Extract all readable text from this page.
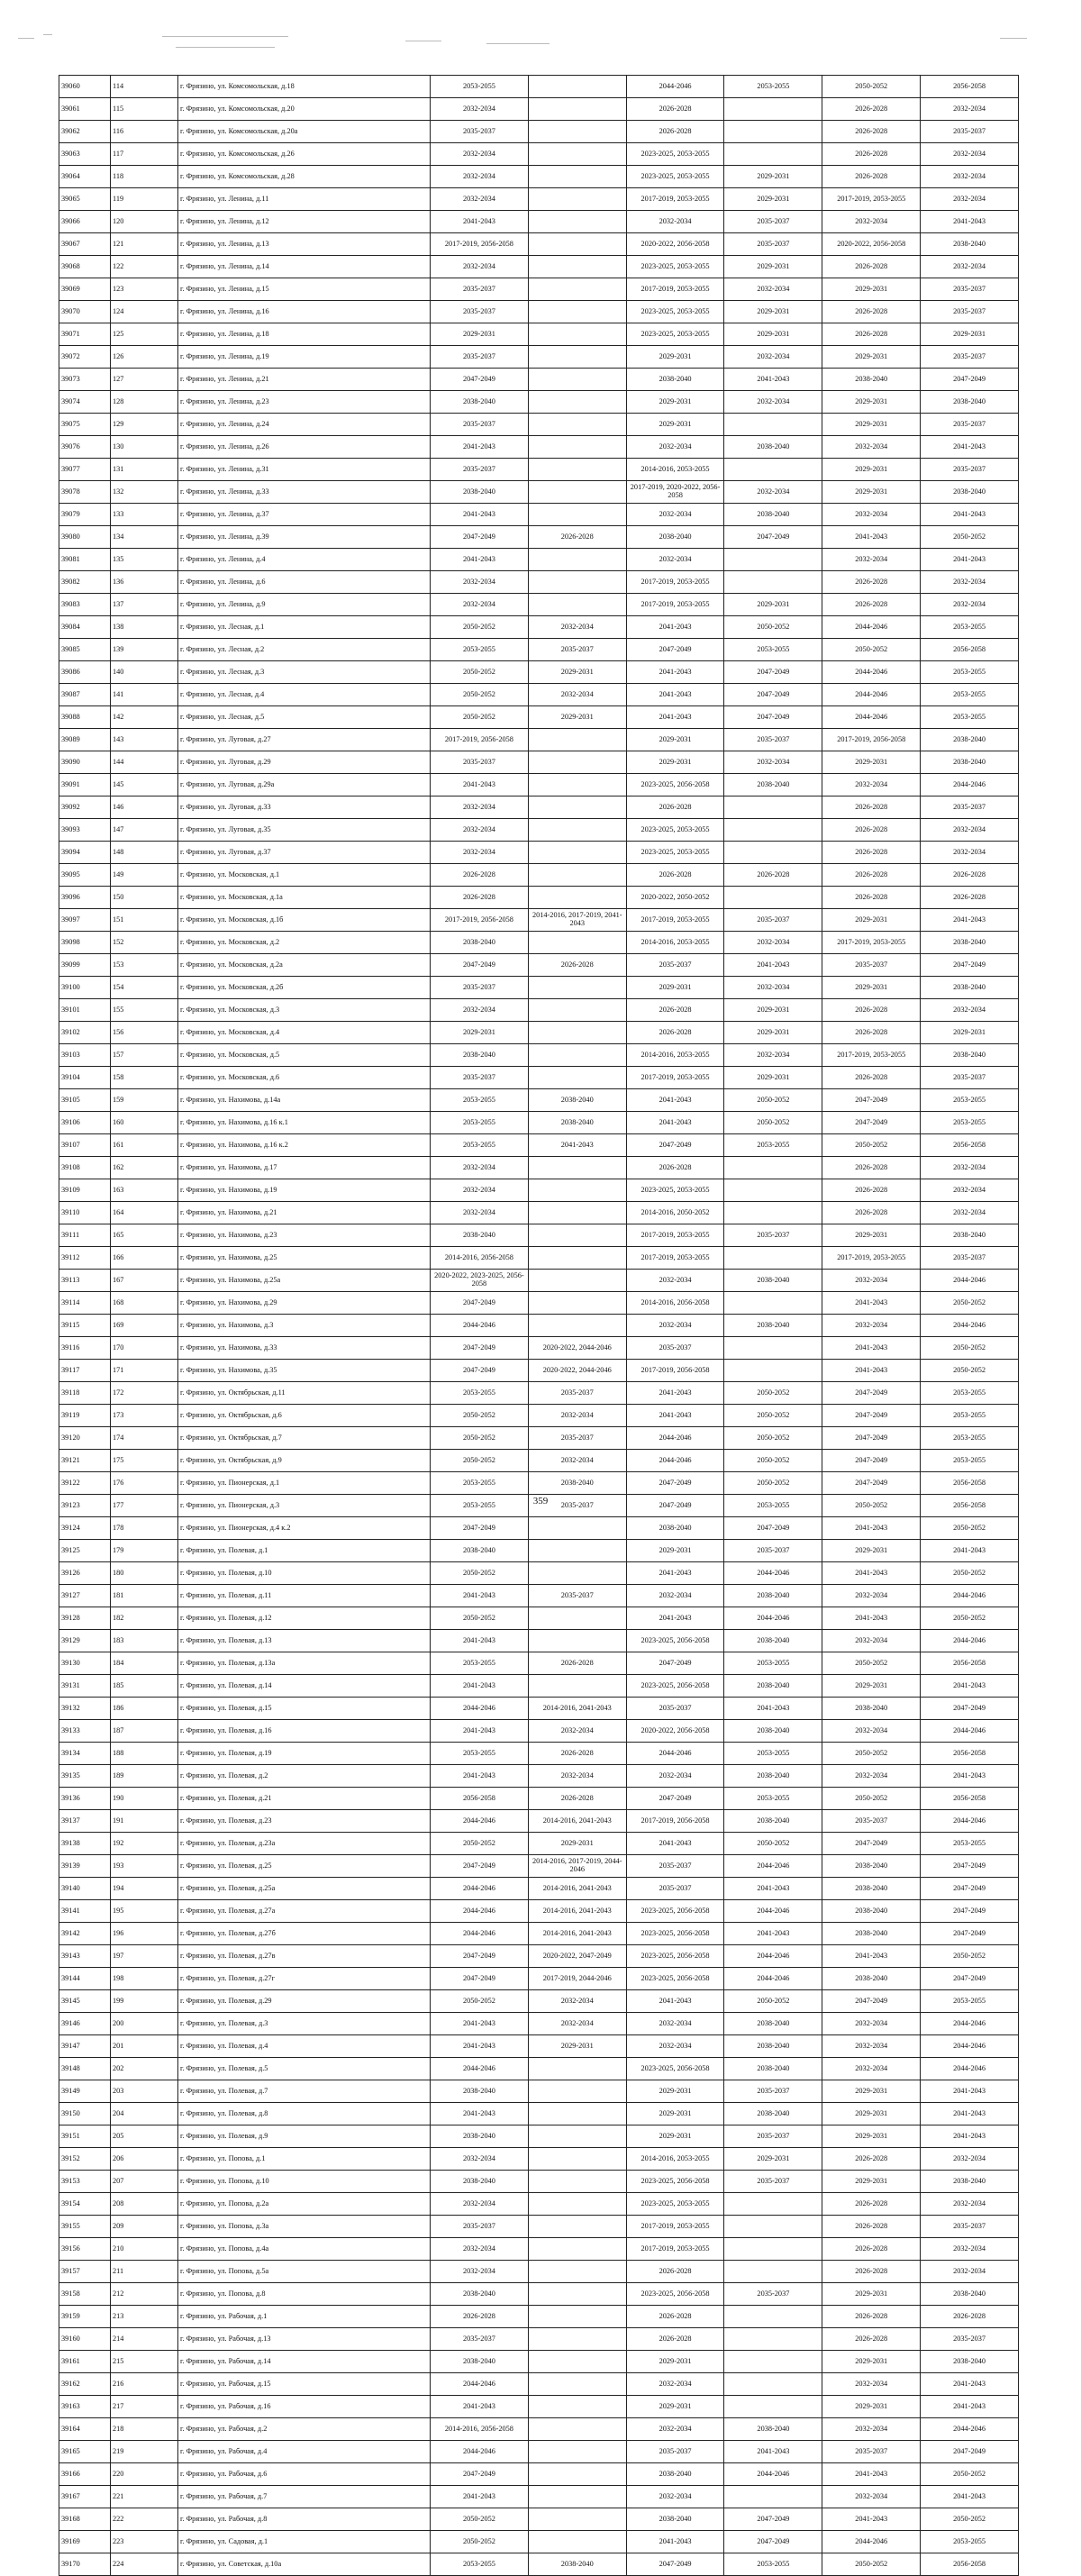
39060	114	г. Фрязино, ул. Комсомольская, д.18	2053-2055		2044-2046	2053-2055	2050-2052	2056-2058
39061	115	г. Фрязино, ул. Комсомольская, д.20	2032-2034		2026-2028		2026-2028	2032-2034
39062	116	г. Фрязино, ул. Комсомольская, д.20а	2035-2037		2026-2028		2026-2028	2035-2037
39063	117	г. Фрязино, ул. Комсомольская, д.26	2032-2034		2023-2025, 2053-2055		2026-2028	2032-2034
39064	118	г. Фрязино, ул. Комсомольская, д.28	2032-2034		2023-2025, 2053-2055	2029-2031	2026-2028	2032-2034
39065	119	г. Фрязино, ул. Ленина, д.11	2032-2034		2017-2019, 2053-2055	2029-2031	2017-2019, 2053-2055	2032-2034
39066	120	г. Фрязино, ул. Ленина, д.12	2041-2043		2032-2034	2035-2037	2032-2034	2041-2043
39067	121	г. Фрязино, ул. Ленина, д.13	2017-2019, 2056-2058		2020-2022, 2056-2058	2035-2037	2020-2022, 2056-2058	2038-2040
39068	122	г. Фрязино, ул. Ленина, д.14	2032-2034		2023-2025, 2053-2055	2029-2031	2026-2028	2032-2034
39069	123	г. Фрязино, ул. Ленина, д.15	2035-2037		2017-2019, 2053-2055	2032-2034	2029-2031	2035-2037
39070	124	г. Фрязино, ул. Ленина, д.16	2035-2037		2023-2025, 2053-2055	2029-2031	2026-2028	2035-2037
39071	125	г. Фрязино, ул. Ленина, д.18	2029-2031		2023-2025, 2053-2055	2029-2031	2026-2028	2029-2031
39072	126	г. Фрязино, ул. Ленина, д.19	2035-2037		2029-2031	2032-2034	2029-2031	2035-2037
39073	127	г. Фрязино, ул. Ленина, д.21	2047-2049		2038-2040	2041-2043	2038-2040	2047-2049
39074	128	г. Фрязино, ул. Ленина, д.23	2038-2040		2029-2031	2032-2034	2029-2031	2038-2040
39075	129	г. Фрязино, ул. Ленина, д.24	2035-2037		2029-2031		2029-2031	2035-2037
39076	130	г. Фрязино, ул. Ленина, д.26	2041-2043		2032-2034	2038-2040	2032-2034	2041-2043
39077	131	г. Фрязино, ул. Ленина, д.31	2035-2037		2014-2016, 2053-2055		2029-2031	2035-2037
39078	132	г. Фрязино, ул. Ленина, д.33	2038-2040		2017-2019, 2020-2022, 2056-2058	2032-2034	2029-2031	2038-2040
39079	133	г. Фрязино, ул. Ленина, д.37	2041-2043		2032-2034	2038-2040	2032-2034	2041-2043
39080	134	г. Фрязино, ул. Ленина, д.39	2047-2049	2026-2028	2038-2040	2047-2049	2041-2043	2050-2052
39081	135	г. Фрязино, ул. Ленина, д.4	2041-2043		2032-2034		2032-2034	2041-2043
39082	136	г. Фрязино, ул. Ленина, д.6	2032-2034		2017-2019, 2053-2055		2026-2028	2032-2034
39083	137	г. Фрязино, ул. Ленина, д.9	2032-2034		2017-2019, 2053-2055	2029-2031	2026-2028	2032-2034
39084	138	г. Фрязино, ул. Лесная, д.1	2050-2052	2032-2034	2041-2043	2050-2052	2044-2046	2053-2055
39085	139	г. Фрязино, ул. Лесная, д.2	2053-2055	2035-2037	2047-2049	2053-2055	2050-2052	2056-2058
39086	140	г. Фрязино, ул. Лесная, д.3	2050-2052	2029-2031	2041-2043	2047-2049	2044-2046	2053-2055
39087	141	г. Фрязино, ул. Лесная, д.4	2050-2052	2032-2034	2041-2043	2047-2049	2044-2046	2053-2055
39088	142	г. Фрязино, ул. Лесная, д.5	2050-2052	2029-2031	2041-2043	2047-2049	2044-2046	2053-2055
39089	143	г. Фрязино, ул. Луговая, д.27	2017-2019, 2056-2058		2029-2031	2035-2037	2017-2019, 2056-2058	2038-2040
39090	144	г. Фрязино, ул. Луговая, д.29	2035-2037		2029-2031	2032-2034	2029-2031	2038-2040
39091	145	г. Фрязино, ул. Луговая, д.29а	2041-2043		2023-2025, 2056-2058	2038-2040	2032-2034	2044-2046
39092	146	г. Фрязино, ул. Луговая, д.33	2032-2034		2026-2028		2026-2028	2035-2037
39093	147	г. Фрязино, ул. Луговая, д.35	2032-2034		2023-2025, 2053-2055		2026-2028	2032-2034
39094	148	г. Фрязино, ул. Луговая, д.37	2032-2034		2023-2025, 2053-2055		2026-2028	2032-2034
39095	149	г. Фрязино, ул. Московская, д.1	2026-2028		2026-2028	2026-2028	2026-2028	2026-2028
39096	150	г. Фрязино, ул. Московская, д.1а	2026-2028		2020-2022, 2050-2052		2026-2028	2026-2028
39097	151	г. Фрязино, ул. Московская, д.1б	2017-2019, 2056-2058	2014-2016, 2017-2019, 2041-2043	2017-2019, 2053-2055	2035-2037	2029-2031	2041-2043
39098	152	г. Фрязино, ул. Московская, д.2	2038-2040		2014-2016, 2053-2055	2032-2034	2017-2019, 2053-2055	2038-2040
39099	153	г. Фрязино, ул. Московская, д.2а	2047-2049	2026-2028	2035-2037	2041-2043	2035-2037	2047-2049
39100	154	г. Фрязино, ул. Московская, д.2б	2035-2037		2029-2031	2032-2034	2029-2031	2038-2040
39101	155	г. Фрязино, ул. Московская, д.3	2032-2034		2026-2028	2029-2031	2026-2028	2032-2034
39102	156	г. Фрязино, ул. Московская, д.4	2029-2031		2026-2028	2029-2031	2026-2028	2029-2031
39103	157	г. Фрязино, ул. Московская, д.5	2038-2040		2014-2016, 2053-2055	2032-2034	2017-2019, 2053-2055	2038-2040
39104	158	г. Фрязино, ул. Московская, д.6	2035-2037		2017-2019, 2053-2055	2029-2031	2026-2028	2035-2037
39105	159	г. Фрязино, ул. Нахимова, д.14а	2053-2055	2038-2040	2041-2043	2050-2052	2047-2049	2053-2055
39106	160	г. Фрязино, ул. Нахимова, д.16 к.1	2053-2055	2038-2040	2041-2043	2050-2052	2047-2049	2053-2055
39107	161	г. Фрязино, ул. Нахимова, д.16 к.2	2053-2055	2041-2043	2047-2049	2053-2055	2050-2052	2056-2058
39108	162	г. Фрязино, ул. Нахимова, д.17	2032-2034		2026-2028		2026-2028	2032-2034
39109	163	г. Фрязино, ул. Нахимова, д.19	2032-2034		2023-2025, 2053-2055		2026-2028	2032-2034
39110	164	г. Фрязино, ул. Нахимова, д.21	2032-2034		2014-2016, 2050-2052		2026-2028	2032-2034
39111	165	г. Фрязино, ул. Нахимова, д.23	2038-2040		2017-2019, 2053-2055	2035-2037	2029-2031	2038-2040
39112	166	г. Фрязино, ул. Нахимова, д.25	2014-2016, 2056-2058		2017-2019, 2053-2055		2017-2019, 2053-2055	2035-2037
39113	167	г. Фрязино, ул. Нахимова, д.25а	2020-2022, 2023-2025, 2056-2058		2032-2034	2038-2040	2032-2034	2044-2046
39114	168	г. Фрязино, ул. Нахимова, д.29	2047-2049		2014-2016, 2056-2058		2041-2043	2050-2052
39115	169	г. Фрязино, ул. Нахимова, д.3	2044-2046		2032-2034	2038-2040	2032-2034	2044-2046
39116	170	г. Фрязино, ул. Нахимова, д.33	2047-2049	2020-2022, 2044-2046	2035-2037		2041-2043	2050-2052
39117	171	г. Фрязино, ул. Нахимова, д.35	2047-2049	2020-2022, 2044-2046	2017-2019, 2056-2058		2041-2043	2050-2052
39118	172	г. Фрязино, ул. Октябрьская, д.11	2053-2055	2035-2037	2041-2043	2050-2052	2047-2049	2053-2055
39119	173	г. Фрязино, ул. Октябрьская, д.6	2050-2052	2032-2034	2041-2043	2050-2052	2047-2049	2053-2055
39120	174	г. Фрязино, ул. Октябрьская, д.7	2050-2052	2035-2037	2044-2046	2050-2052	2047-2049	2053-2055
39121	175	г. Фрязино, ул. Октябрьская, д.9	2050-2052	2032-2034	2044-2046	2050-2052	2047-2049	2053-2055
39122	176	г. Фрязино, ул. Пионерская, д.1	2053-2055	2038-2040	2047-2049	2050-2052	2047-2049	2056-2058
39123	177	г. Фрязино, ул. Пионерская, д.3	2053-2055	2035-2037	2047-2049	2053-2055	2050-2052	2056-2058
39124	178	г. Фрязино, ул. Пионерская, д.4 к.2	2047-2049		2038-2040	2047-2049	2041-2043	2050-2052
39125	179	г. Фрязино, ул. Полевая, д.1	2038-2040		2029-2031	2035-2037	2029-2031	2041-2043
39126	180	г. Фрязино, ул. Полевая, д.10	2050-2052		2041-2043	2044-2046	2041-2043	2050-2052
39127	181	г. Фрязино, ул. Полевая, д.11	2041-2043	2035-2037	2032-2034	2038-2040	2032-2034	2044-2046
39128	182	г. Фрязино, ул. Полевая, д.12	2050-2052		2041-2043	2044-2046	2041-2043	2050-2052
39129	183	г. Фрязино, ул. Полевая, д.13	2041-2043		2023-2025, 2056-2058	2038-2040	2032-2034	2044-2046
39130	184	г. Фрязино, ул. Полевая, д.13а	2053-2055	2026-2028	2047-2049	2053-2055	2050-2052	2056-2058
39131	185	г. Фрязино, ул. Полевая, д.14	2041-2043		2023-2025, 2056-2058	2038-2040	2029-2031	2041-2043
39132	186	г. Фрязино, ул. Полевая, д.15	2044-2046	2014-2016, 2041-2043	2035-2037	2041-2043	2038-2040	2047-2049
39133	187	г. Фрязино, ул. Полевая, д.16	2041-2043	2032-2034	2020-2022, 2056-2058	2038-2040	2032-2034	2044-2046
39134	188	г. Фрязино, ул. Полевая, д.19	2053-2055	2026-2028	2044-2046	2053-2055	2050-2052	2056-2058
39135	189	г. Фрязино, ул. Полевая, д.2	2041-2043	2032-2034	2032-2034	2038-2040	2032-2034	2041-2043
39136	190	г. Фрязино, ул. Полевая, д.21	2056-2058	2026-2028	2047-2049	2053-2055	2050-2052	2056-2058
39137	191	г. Фрязино, ул. Полевая, д.23	2044-2046	2014-2016, 2041-2043	2017-2019, 2056-2058	2038-2040	2035-2037	2044-2046
39138	192	г. Фрязино, ул. Полевая, д.23а	2050-2052	2029-2031	2041-2043	2050-2052	2047-2049	2053-2055
39139	193	г. Фрязино, ул. Полевая, д.25	2047-2049	2014-2016, 2017-2019, 2044-2046	2035-2037	2044-2046	2038-2040	2047-2049
39140	194	г. Фрязино, ул. Полевая, д.25а	2044-2046	2014-2016, 2041-2043	2035-2037	2041-2043	2038-2040	2047-2049
39141	195	г. Фрязино, ул. Полевая, д.27а	2044-2046	2014-2016, 2041-2043	2023-2025, 2056-2058	2044-2046	2038-2040	2047-2049
39142	196	г. Фрязино, ул. Полевая, д.27б	2044-2046	2014-2016, 2041-2043	2023-2025, 2056-2058	2041-2043	2038-2040	2047-2049
39143	197	г. Фрязино, ул. Полевая, д.27в	2047-2049	2020-2022, 2047-2049	2023-2025, 2056-2058	2044-2046	2041-2043	2050-2052
39144	198	г. Фрязино, ул. Полевая, д.27г	2047-2049	2017-2019, 2044-2046	2023-2025, 2056-2058	2044-2046	2038-2040	2047-2049
39145	199	г. Фрязино, ул. Полевая, д.29	2050-2052	2032-2034	2041-2043	2050-2052	2047-2049	2053-2055
39146	200	г. Фрязино, ул. Полевая, д.3	2041-2043	2032-2034	2032-2034	2038-2040	2032-2034	2044-2046
39147	201	г. Фрязино, ул. Полевая, д.4	2041-2043	2029-2031	2032-2034	2038-2040	2032-2034	2044-2046
39148	202	г. Фрязино, ул. Полевая, д.5	2044-2046		2023-2025, 2056-2058	2038-2040	2032-2034	2044-2046
39149	203	г. Фрязино, ул. Полевая, д.7	2038-2040		2029-2031	2035-2037	2029-2031	2041-2043
39150	204	г. Фрязино, ул. Полевая, д.8	2041-2043		2029-2031	2038-2040	2029-2031	2041-2043
39151	205	г. Фрязино, ул. Полевая, д.9	2038-2040		2029-2031	2035-2037	2029-2031	2041-2043
39152	206	г. Фрязино, ул. Попова, д.1	2032-2034		2014-2016, 2053-2055	2029-2031	2026-2028	2032-2034
39153	207	г. Фрязино, ул. Попова, д.10	2038-2040		2023-2025, 2056-2058	2035-2037	2029-2031	2038-2040
39154	208	г. Фрязино, ул. Попова, д.2а	2032-2034		2023-2025, 2053-2055		2026-2028	2032-2034
39155	209	г. Фрязино, ул. Попова, д.3а	2035-2037		2017-2019, 2053-2055		2026-2028	2035-2037
39156	210	г. Фрязино, ул. Попова, д.4а	2032-2034		2017-2019, 2053-2055		2026-2028	2032-2034
39157	211	г. Фрязино, ул. Попова, д.5а	2032-2034		2026-2028		2026-2028	2032-2034
39158	212	г. Фрязино, ул. Попова, д.8	2038-2040		2023-2025, 2056-2058	2035-2037	2029-2031	2038-2040
39159	213	г. Фрязино, ул. Рабочая, д.1	2026-2028		2026-2028		2026-2028	2026-2028
39160	214	г. Фрязино, ул. Рабочая, д.13	2035-2037		2026-2028		2026-2028	2035-2037
39161	215	г. Фрязино, ул. Рабочая, д.14	2038-2040		2029-2031		2029-2031	2038-2040
39162	216	г. Фрязино, ул. Рабочая, д.15	2044-2046		2032-2034		2032-2034	2041-2043
39163	217	г. Фрязино, ул. Рабочая, д.16	2041-2043		2029-2031		2029-2031	2041-2043
39164	218	г. Фрязино, ул. Рабочая, д.2	2014-2016, 2056-2058		2032-2034	2038-2040	2032-2034	2044-2046
39165	219	г. Фрязино, ул. Рабочая, д.4	2044-2046		2035-2037	2041-2043	2035-2037	2047-2049
39166	220	г. Фрязино, ул. Рабочая, д.6	2047-2049		2038-2040	2044-2046	2041-2043	2050-2052
39167	221	г. Фрязино, ул. Рабочая, д.7	2041-2043		2032-2034		2032-2034	2041-2043
39168	222	г. Фрязино, ул. Рабочая, д.8	2050-2052		2038-2040	2047-2049	2041-2043	2050-2052
39169	223	г. Фрязино, ул. Садовая, д.1	2050-2052		2041-2043	2047-2049	2044-2046	2053-2055
39170	224	г. Фрязино, ул. Советская, д.10а	2053-2055	2038-2040	2047-2049	2053-2055	2050-2052	2056-2058
359
